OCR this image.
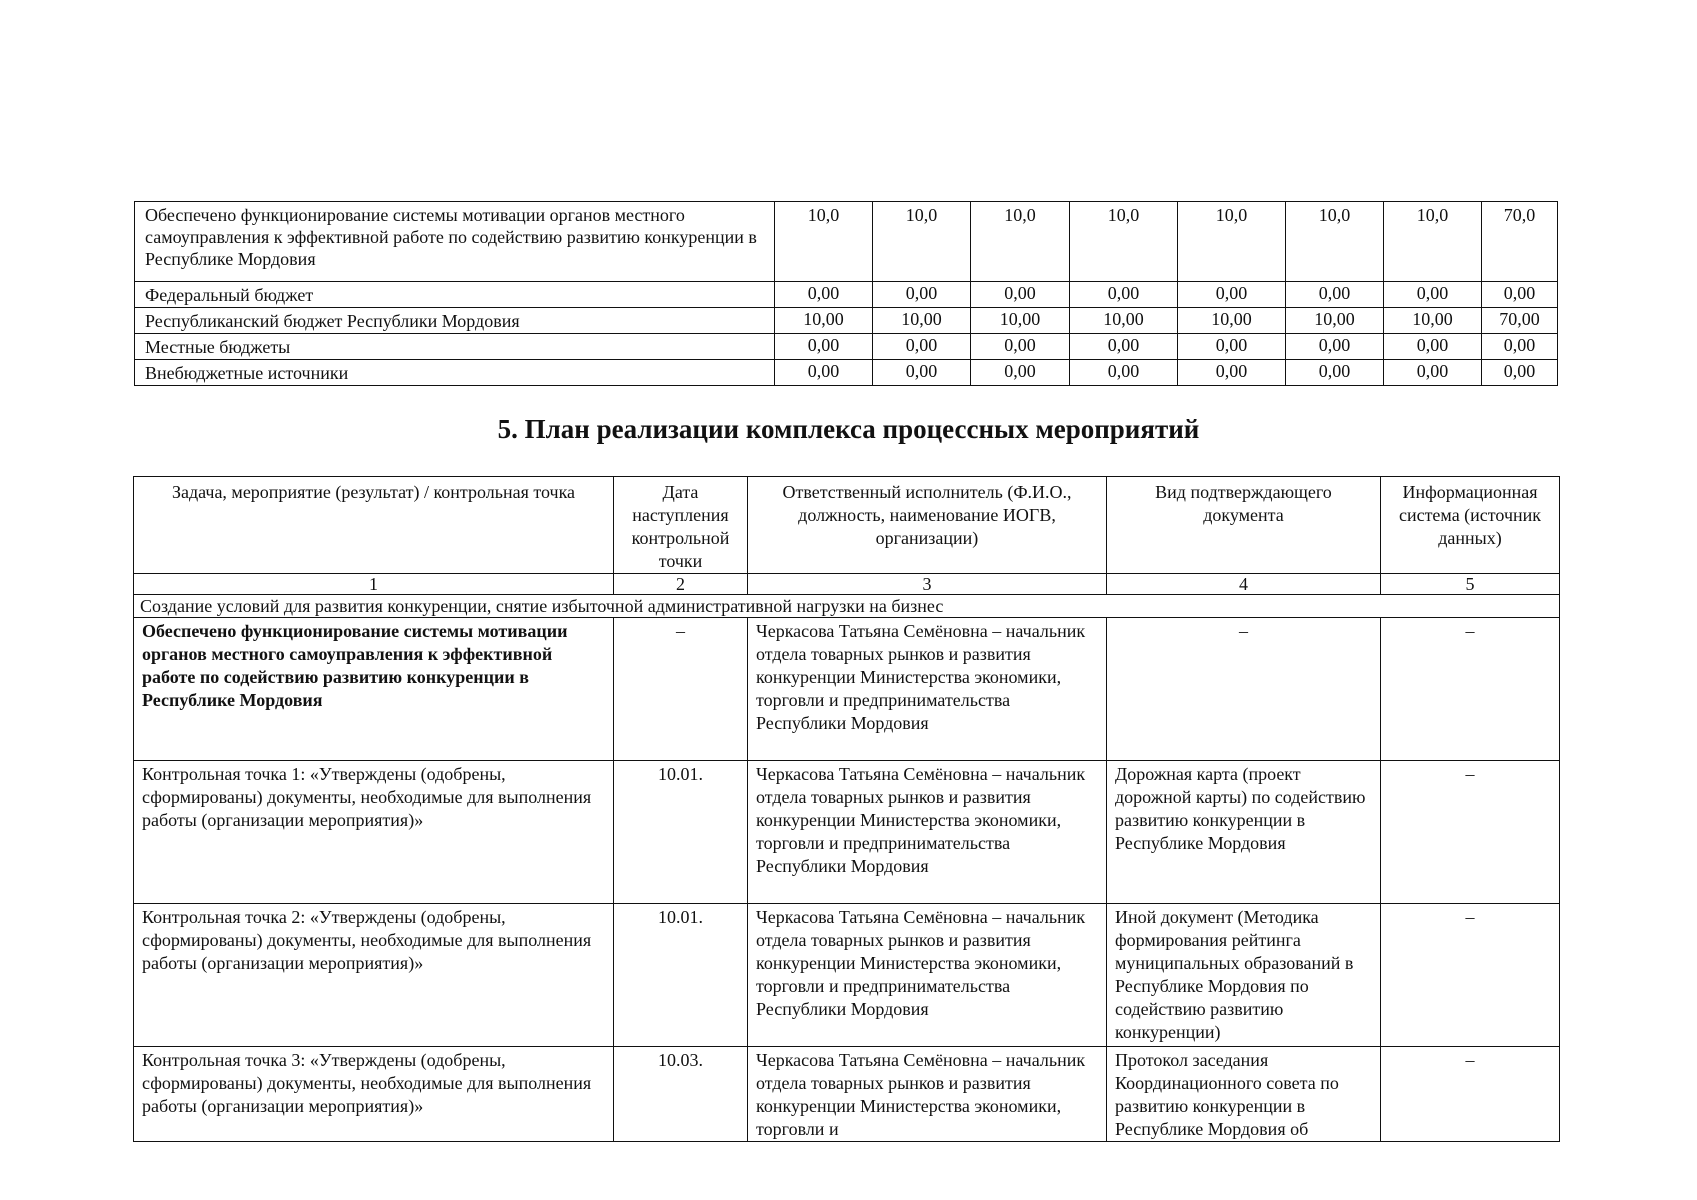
Обеспечено функционирование системы мотивации органов местного самоуправления к эффективной работе по содействию развитию конкуренции в Республике Мордовия	10,0	10,0	10,0	10,0	10,0	10,0	10,0	70,0
Федеральный бюджет	0,00	0,00	0,00	0,00	0,00	0,00	0,00	0,00
Республиканский бюджет Республики Мордовия	10,00	10,00	10,00	10,00	10,00	10,00	10,00	70,00
Местные бюджеты	0,00	0,00	0,00	0,00	0,00	0,00	0,00	0,00
Внебюджетные источники	0,00	0,00	0,00	0,00	0,00	0,00	0,00	0,00
5. План реализации комплекса процессных мероприятий
Задача, мероприятие (результат) / контрольная точка	Дата наступления контрольной точки	Ответственный исполнитель (Ф.И.О., должность, наименование ИОГВ, организации)	Вид подтверждающего документа	Информационная система (источник данных)
1	2	3	4	5
Создание условий для развития конкуренции, снятие избыточной административной нагрузки на бизнес				
Обеспечено функционирование системы мотивации органов местного самоуправления к эффективной работе по содействию развитию конкуренции в Республике Мордовия	–	Черкасова Татьяна Семёновна – начальник отдела товарных рынков и развития конкуренции Министерства экономики, торговли и предпринимательства Республики Мордовия	–	–
Контрольная точка 1: «Утверждены (одобрены, сформированы) документы, необходимые для выполнения работы (организации мероприятия)»	10.01.	Черкасова Татьяна Семёновна – начальник отдела товарных рынков и развития конкуренции Министерства экономики, торговли и предпринимательства Республики Мордовия	Дорожная карта (проект дорожной карты) по содействию развитию конкуренции в Республике Мордовия	–
Контрольная точка 2: «Утверждены (одобрены, сформированы) документы, необходимые для выполнения работы (организации мероприятия)»	10.01.	Черкасова Татьяна Семёновна – начальник отдела товарных рынков и развития конкуренции Министерства экономики, торговли и предпринимательства Республики Мордовия	Иной документ (Методика формирования рейтинга муниципальных образований в Республике Мордовия по содействию развитию конкуренции)	–
Контрольная точка 3: «Утверждены (одобрены, сформированы) документы, необходимые для выполнения работы (организации мероприятия)»	10.03.	Черкасова Татьяна Семёновна – начальник отдела товарных рынков и развития конкуренции Министерства экономики, торговли и	Протокол заседания Координационного совета по развитию конкуренции в Республике Мордовия об	–
